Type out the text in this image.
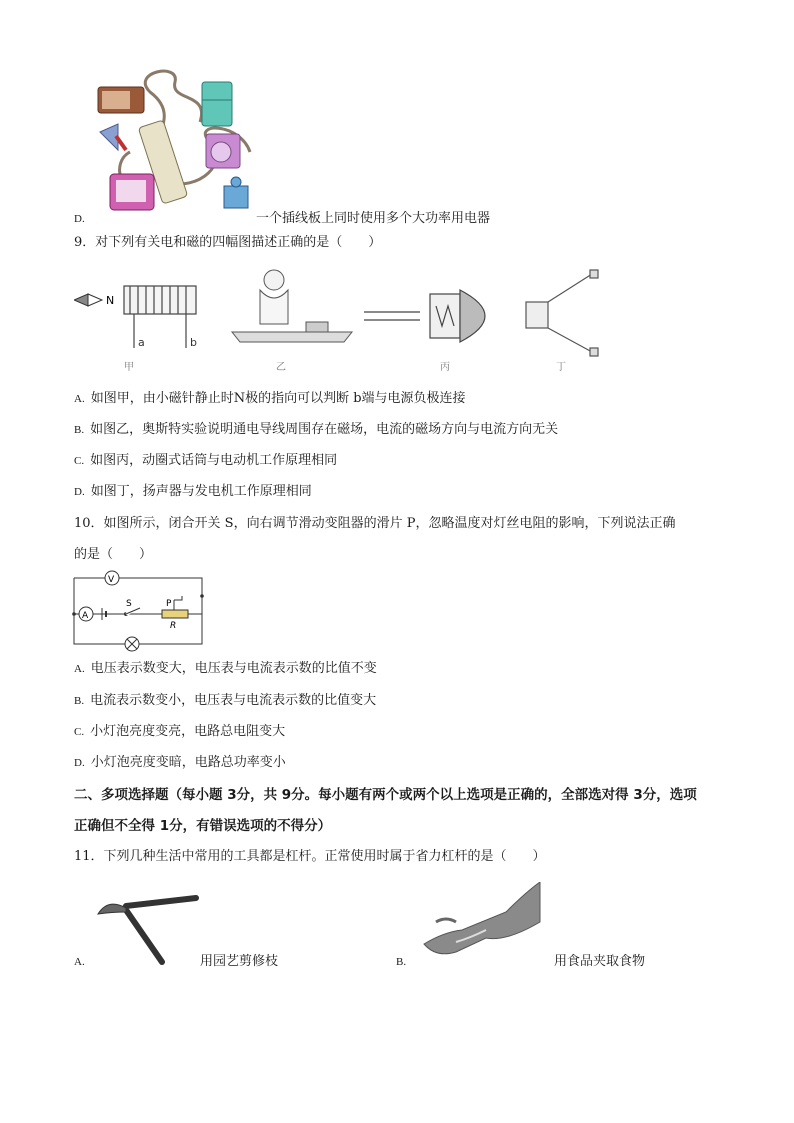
D.	一个插线板上同时使用多个大功率用电器
9．对下列有关电和磁的四幅图描述正确的是（　　）
N
a	b
甲	乙	丙	丁
A. 如图甲，由小磁针静止时N极的指向可以判断 b端与电源负极连接
B. 如图乙，奥斯特实验说明通电导线周围存在磁场，电流的磁场方向与电流方向无关
C. 如图丙，动圈式话筒与电动机工作原理相同
D. 如图丁，扬声器与发电机工作原理相同
10．如图所示，闭合开关 S，向右调节滑动变阻器的滑片 P，忽略温度对灯丝电阻的影响，下列说法正确
的是（　　）
V
A
S	P
R
A. 电压表示数变大，电压表与电流表示数的比值不变
B. 电流表示数变小，电压表与电流表示数的比值变大
C. 小灯泡亮度变亮，电路总电阻变大
D. 小灯泡亮度变暗，电路总功率变小
二、多项选择题（每小题 3分，共 9分。每小题有两个或两个以上选项是正确的，全部选对得 3分，选项
正确但不全得 1分，有错误选项的不得分）
11．下列几种生活中常用的工具都是杠杆。正常使用时属于省力杠杆的是（　　）
A.	用园艺剪修枝	B.	用食品夹取食物
